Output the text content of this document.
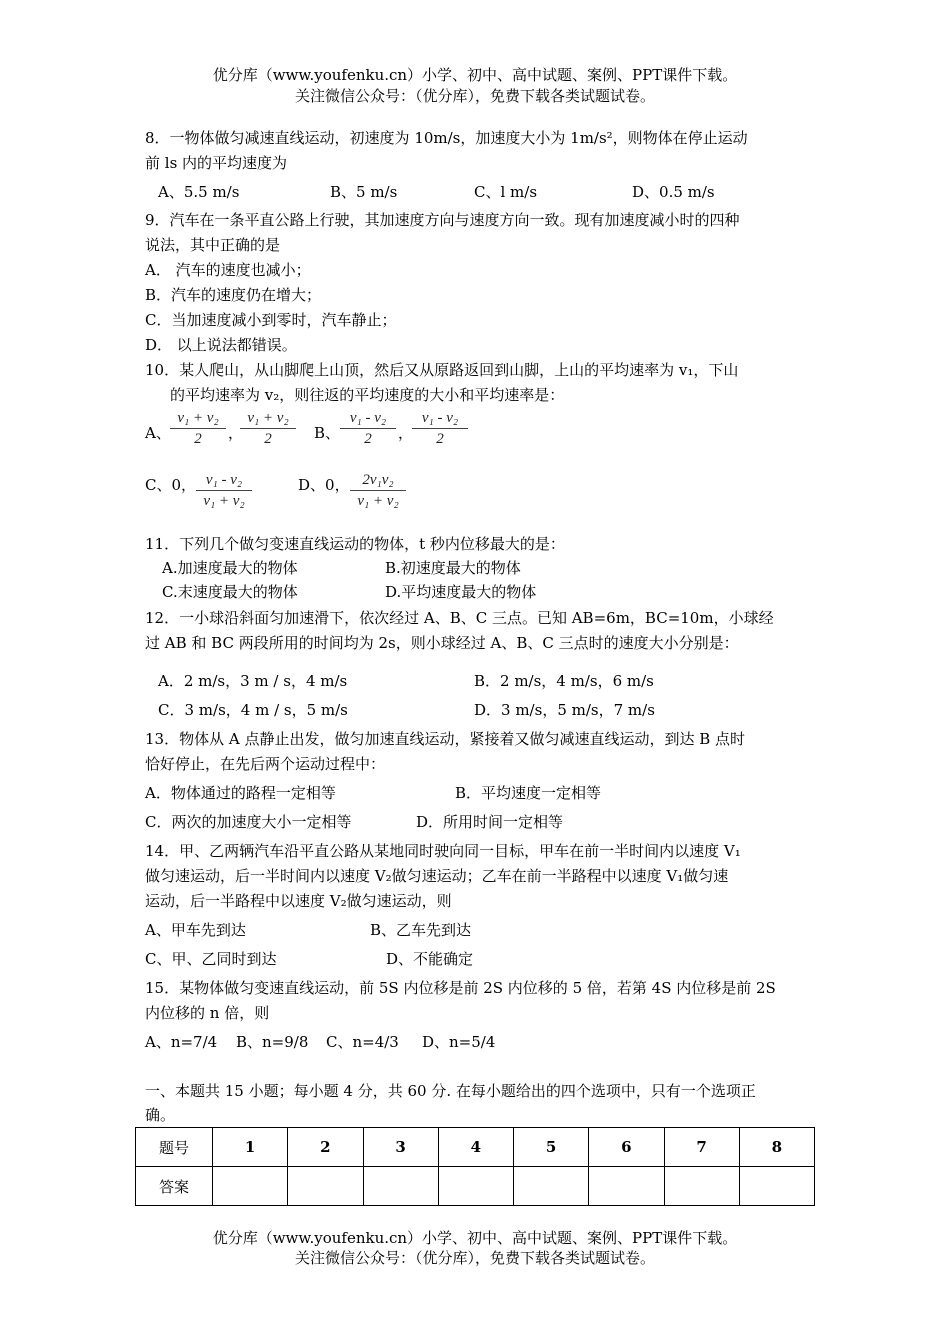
优分库（www.youfenku.cn）小学、初中、高中试题、案例、PPT课件下载。
关注微信公众号：（优分库），免费下载各类试题试卷。
8．一物体做匀减速直线运动，初速度为 10m/s，加速度大小为 1m/s²，则物体在停止运动
前 ls 内的平均速度为
A、5.5 m/s	B、5 m/s	C、l m/s	D、0.5 m/s
9．汽车在一条平直公路上行驶，其加速度方向与速度方向一致。现有加速度减小时的四种
说法，其中正确的是
A． 汽车的速度也减小；
B．汽车的速度仍在增大；
C．当加速度减小到零时，汽车静止；
D． 以上说法都错误。
10．某人爬山，从山脚爬上山顶，然后又从原路返回到山脚，上山的平均速率为 v₁，下山
的平均速率为 v₂，则往返的平均速度的大小和平均速率是：
A、 $\frac{\text{v₁ + v₂}}{2}$ ，
$\frac{\text{v₁ + v₂}}{2}$ B、 $\frac{\text{v₁ - v₂}}{2}$ ，
$\frac{\text{v₁ - v₂}}{2}$
C、0， $\frac{\text{v₁ - v₂}}{\text{v₁ + v₂}}$	D、0， $\frac{\text{2v₁v₂}}{\text{v₁ + v₂}}$
11．下列几个做匀变速直线运动的物体，t 秒内位移最大的是：
A.加速度最大的物体	B.初速度最大的物体
C.末速度最大的物体	D.平均速度最大的物体
12．一小球沿斜面匀加速滑下，依次经过 A、B、C 三点。已知 AB=6m，BC=10m，小球经
过 AB 和 BC 两段所用的时间均为 2s，则小球经过 A、B、C 三点时的速度大小分别是：
A．2 m/s，3 m / s，4 m/s	B．2 m/s，4 m/s，6 m/s
C．3 m/s，4 m / s，5 m/s	D．3 m/s，5 m/s，7 m/s
13．物体从 A 点静止出发，做匀加速直线运动，紧接着又做匀减速直线运动，到达 B 点时
恰好停止，在先后两个运动过程中：
A．物体通过的路程一定相等	B．平均速度一定相等
C．两次的加速度大小一定相等	D．所用时间一定相等
14．甲、乙两辆汽车沿平直公路从某地同时驶向同一目标，甲车在前一半时间内以速度 V₁
做匀速运动，后一半时间内以速度 V₂做匀速运动；乙车在前一半路程中以速度 V₁做匀速
运动，后一半路程中以速度 V₂做匀速运动，则
A、甲车先到达	B、乙车先到达
C、甲、乙同时到达	D、不能确定
15．某物体做匀变速直线运动，前 5S 内位移是前 2S 内位移的 5 倍，若第 4S 内位移是前 2S
内位移的 n 倍，则
A、n=7/4 B、n=9/8 C、n=4/3 D、n=5/4
一、本题共 15 小题；每小题 4 分，共 60 分. 在每小题给出的四个选项中，只有一个选项正
确。
题号	1	2	3	4	5	6	7	8
答案								
优分库（www.youfenku.cn）小学、初中、高中试题、案例、PPT课件下载。
关注微信公众号：（优分库），免费下载各类试题试卷。
